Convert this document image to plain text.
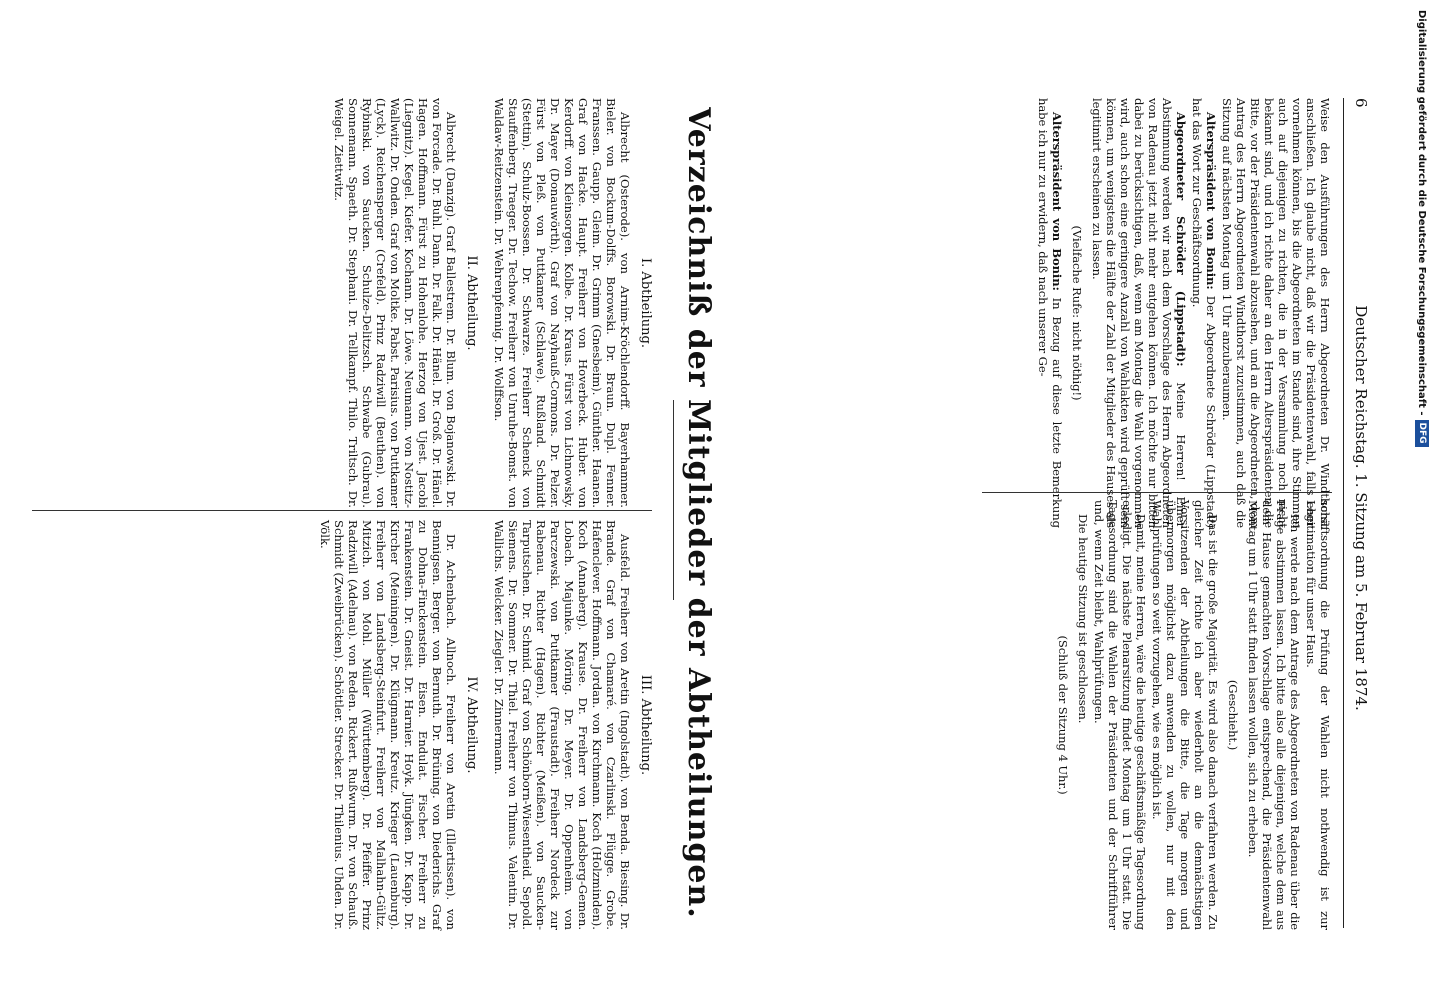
6
Deutscher Reichstag. 1. Sitzung am 5. Februar 1874.

Weise den Ausführungen des Herrn Abgeordneten Dr. Windthorst anschließen. Ich glaube nicht, daß wir die Präsidentenwahl, falls eher vornehmen können, bis die Abgeordneten im Stande sind, ihre Stimmen auch auf diejenigen zu richten, die in der Versammlung noch nicht bekannt sind, und ich richte daher an den Herrn Alterspräsidenten die Bitte, vor der Präsidentenwahl abzusehen, und an die Abgeordneten, dem Antrag des Herrn Abgeordneten Windthorst zuzustimmen, auch daß die Sitzung auf nächsten Montag um 1 Uhr anzuberaumen.

Alterspräsident von Bonin: Der Abgeordnete Schröder (Lippstadt) hat das Wort zur Geschäftsordnung.

Abgeordneter Schröder (Lippstadt): Meine Herren! Einer Abstimmung werden wir nach dem Vorschlage des Herrn Abgeordneten von Radenau jetzt nicht mehr entgehen können. Ich möchte nur bitten dabei zu berücksichtigen, daß, wenn am Montag die Wahl vorgenommen wird, auch schon eine geringere Anzahl von Wahlakten wird geprüft sein können, um wenigstens die Hälfte der Zahl der Mitglieder des Hauses als legitimirt erscheinen zu lassen.

(Vielfache Rufe: nicht nöthig!)

Alterspräsident von Bonin: In Bezug auf diese letzte Bemerkung habe ich nur zu erwidern, daß nach unserer Ge-

schäftsordnung die Prüfung der Wahlen nicht nothwendig ist zur Legitimation für unser Haus.

Ich werde nach dem Antrage des Abgeordneten von Radenau über die Frage abstimmen lassen. Ich bitte also alle diejenigen, welche dem aus dem Hause gemachten Vorschlage entsprechend, die Präsidentenwahl Montag um 1 Uhr statt finden lassen wollen, sich zu erheben.

(Geschieht.)

Das ist die große Majorität. Es wird also danach verfahren werden. Zu gleicher Zeit richte ich aber wiederholt an die demnächstigen Vorsitzenden der Abtheilungen die Bitte, die Tage morgen und übermorgen möglichst dazu anwenden zu wollen, nur mit den Wahlprüfungen so weit vorzugehen, wie es möglich ist.

Damit, meine Herren, wäre die heutige geschäftsmäßige Tagesordnung erledigt. Die nächste Plenarsitzung findet Montag um 1 Uhr statt. Die Tagesordnung sind die Wahlen der Präsidenten und der Schriftführer und, wenn Zeit bleibt, Wahlprüfungen.

Die heutige Sitzung ist geschlossen.

(Schluß der Sitzung 4 Uhr.)

Verzeichniß der Mitglieder der Abtheilungen.
I. Abtheilung.
Albrecht (Osterode). von Arnim-Kröchlendorff. Bayerhammer. Bieler. von Bockum-Dolffs. Borowski. Dr. Braun. Dupl. Fenner. Franssen. Gaupp. Gleim. Dr. Grimm (Gnesbeim). Günther. Haanen. Graf von Hacke. Haupt. Freiherr von Hoverbeck. Huber. von Kerdorff. von Kleinsorgen. Kolbe. Dr. Kraus. Fürst von Lichnowsky. Dr. Mayer (Donauwörth). Graf von Nayhauß-Cormons. Dr. Pelzer. Fürst von Pleß. von Puttkamer (Schlawe). Rußland. Schmidt (Stettin). Schulz-Boossen. Dr. Schwarze. Freiherr Schenck von Stauffenberg. Traeger. Dr. Techow. Freiherr von Unruhe-Bomst. von Waldaw-Reitzenstein. Dr. Wehrenpfennig. Dr. Wolffson.
II. Abtheilung.
Albrecht (Danzig). Graf Ballestrem. Dr. Blum. von Bojanowski. Dr. von Forcade. Dr. Buhl. Dann. Dr. Falk. Dr. Hänel. Dr. Groß. Dr. Hänel. Hagen. Hoffmann. Fürst zu Hohenlohe. Herzog von Ujest. Jacobi (Liegnitz). Kegel. Kiefer. Kochann. Dr. Löwe. Neumann. von Nostitz-Wallwitz. Dr. Onden. Graf von Moltke. Pabst. Parisius. von Puttkamer (Lyck). Reichensperger (Crefeld). Prinz Radziwill (Beuthen). von Rybinski. von Saucken. Schulze-Delitzsch. Schwabe (Gubrau). Sonnemann. Spaeth. Dr. Stephani. Dr. Tellkampf. Thilo. Triltsch. Dr. Weigel. Ziettwitz.
III. Abtheilung.
Ausfeld. Freiherr von Aretin (Ingolstadt). von Benda. Biesing. Dr. Brande. Graf von Chamaré. von Czarlinski. Flügge. Grobe. Hafenclever. Hoffmann. Jordan. von Kirchmann. Koch (Holzminden). Koch (Annaberg). Krause. Dr. Freiherr von Landsberg-Gemen. Lobach. Majunke. Möring. Dr. Meyer. Dr. Oppenheim. von Parczewski. von Puttkamer (Fraustadt). Freiherr Nordeck zur Rabenau. Richter (Hagen). Richter (Meißen). von Saucken-Tarputschen. Dr. Schmid. Graf von Schönborn-Wiesentheid. Sepold. Siemens. Dr. Sommer. Dr. Thiel. Freiherr von Thimus. Valentin. Dr. Wallichs. Welcker. Ziegler. Dr. Zinnermann.
IV. Abtheilung.
Dr. Achenbach. Allnoch. Freiherr von Aretin (Illertissen). von Bennigsen. Berger. von Bernuth. Dr. Brüning. von Diederichs. Graf zu Dohna-Finckenstein. Eisen. Endulat. Fischer. Freiherr zu Frankenstein. Dr. Gneist. Dr. Harnier. Hoyk. Jüngken. Dr. Kapp. Dr. Kircher (Meiningen). Dr. Klügmann. Kreutz. Krieger (Lauenburg). Freiherr von Landsberg-Steinfurt. Freiherr von Malhahn-Gültz. Mitzich. von Mohl. Müller (Württemberg). Dr. Pfeiffer. Prinz Radziwill (Adelnau). von Reden. Rickert. Rußwurm. Dr. von Schauß. Schmidt (Zweibrücken). Schöttler. Strecker. Dr. Thilenius. Uhden. Dr. Völk.
Digitalisierung gefördert durch die Deutsche Forschungsgemeinschaft -DFG
